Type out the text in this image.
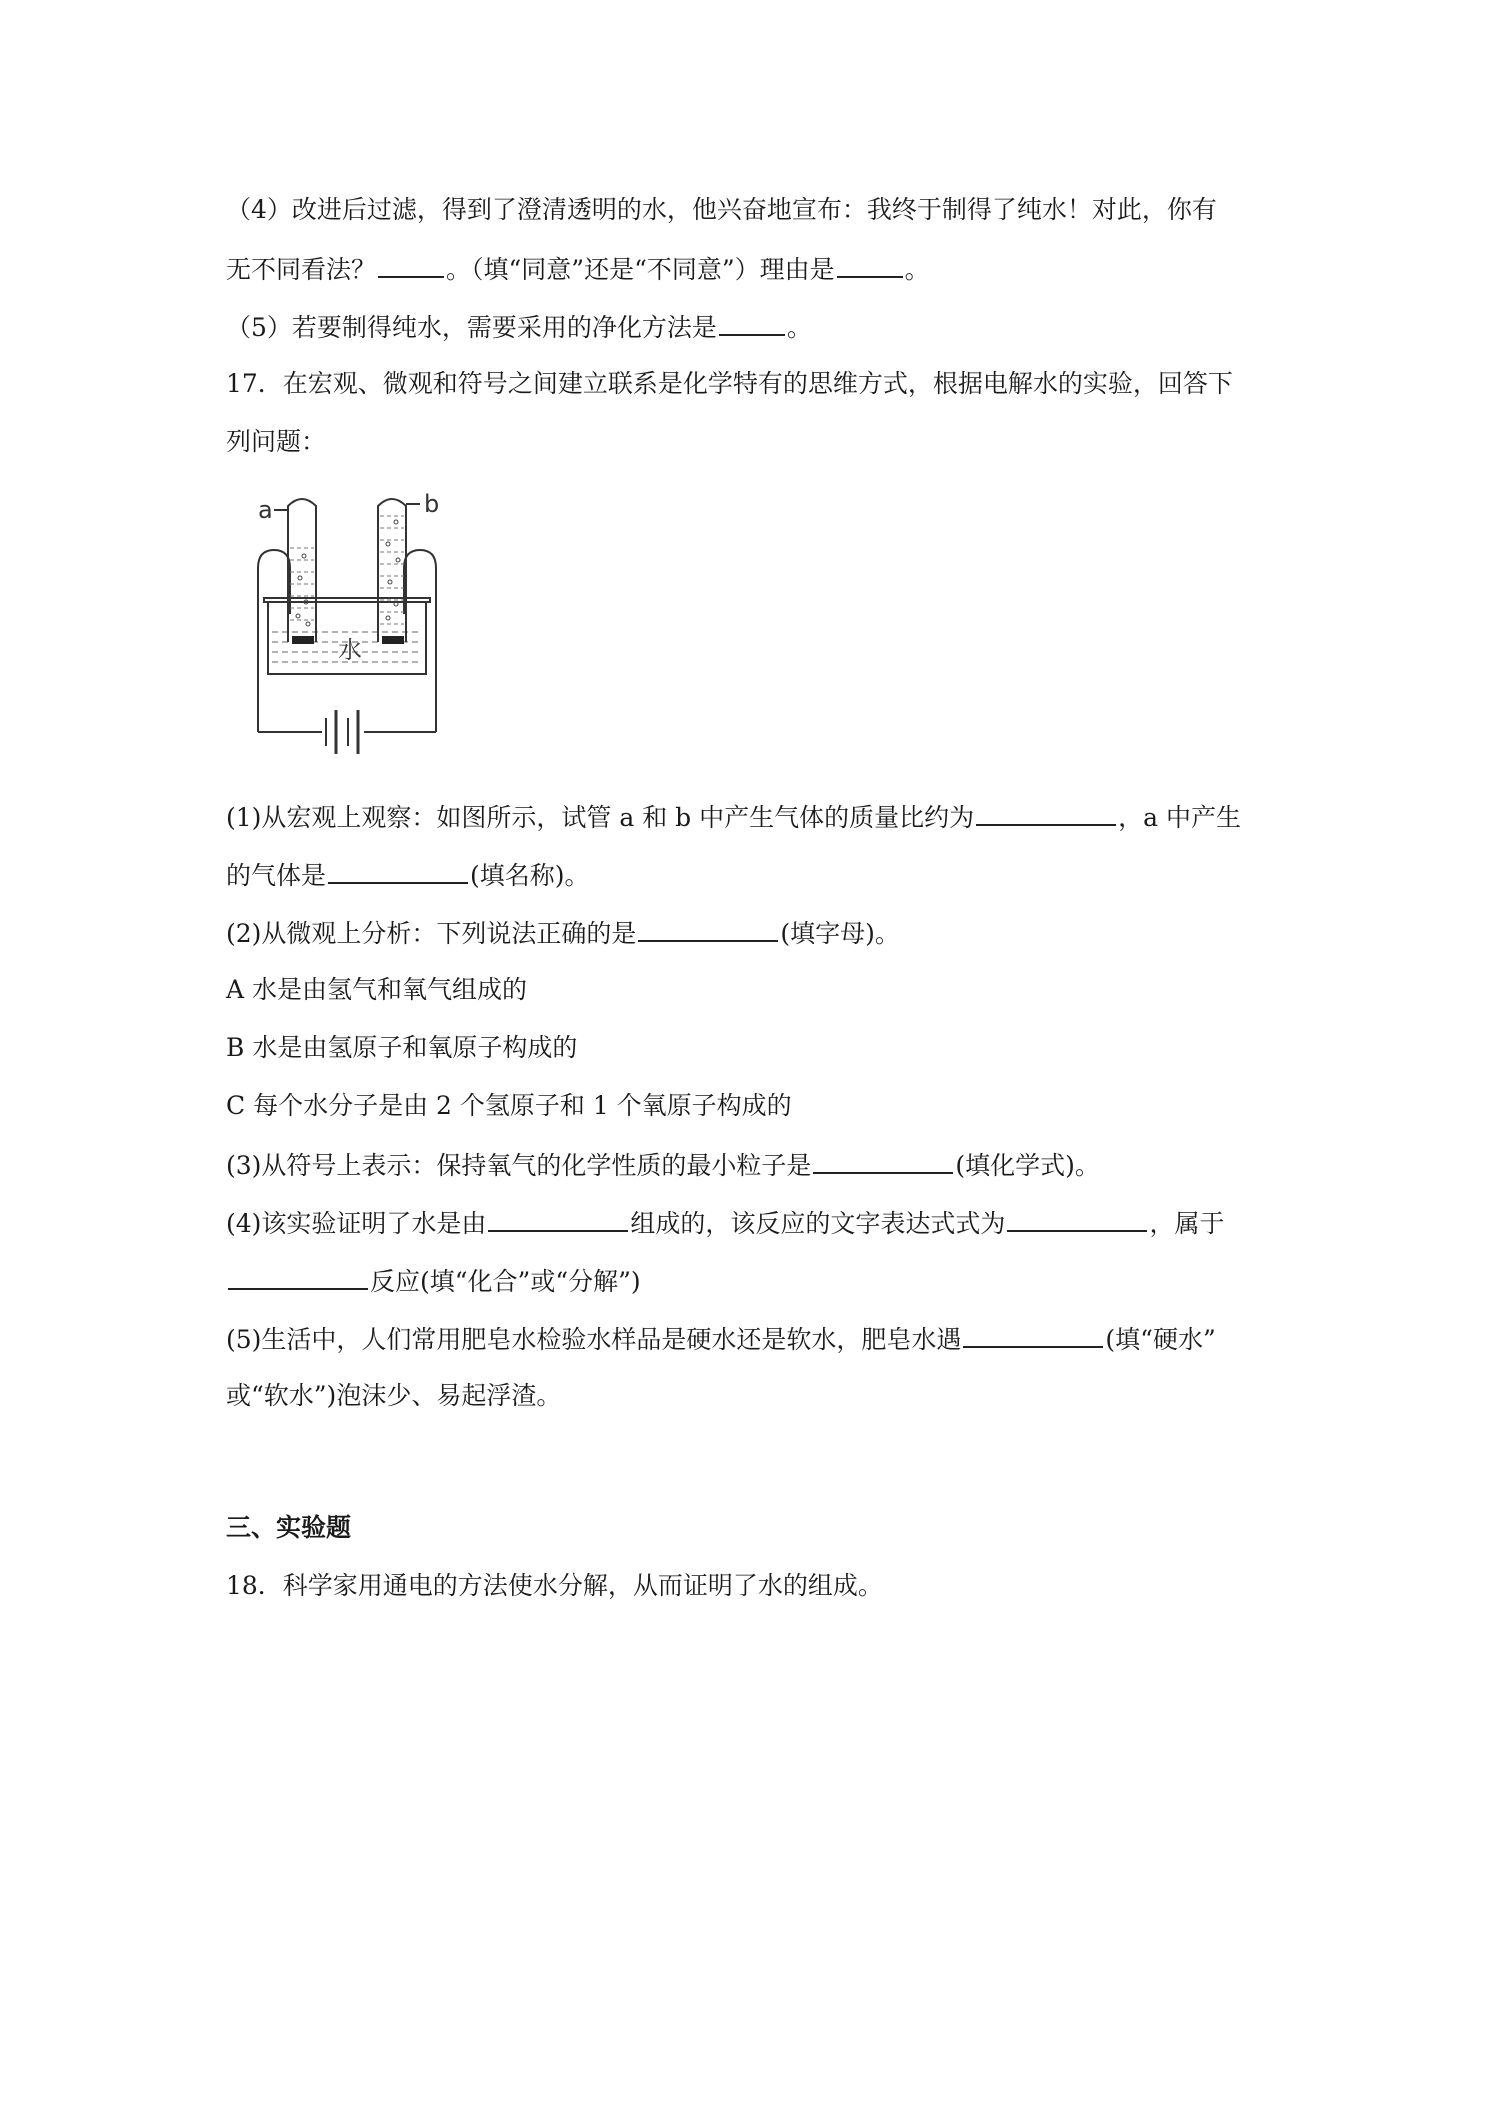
（4）改进后过滤，得到了澄清透明的水，他兴奋地宣布：我终于制得了纯水！对此，你有
无不同看法？	。（填“同意”还是“不同意”）理由是	。
（5）若要制得纯水，需要采用的净化方法是	。
17．在宏观、微观和符号之间建立联系是化学特有的思维方式，根据电解水的实验，回答下
列问题：
a	b
水
(1)从宏观上观察：如图所示，试管 a 和 b 中产生气体的质量比约为	，a 中产生
的气体是	(填名称)。
(2)从微观上分析：下列说法正确的是	(填字母)。
A 水是由氢气和氧气组成的
B 水是由氢原子和氧原子构成的
C 每个水分子是由 2 个氢原子和 1 个氧原子构成的
(3)从符号上表示：保持氧气的化学性质的最小粒子是	(填化学式)。
(4)该实验证明了水是由	组成的，该反应的文字表达式式为	，属于
反应(填“化合”或“分解”)
(5)生活中，人们常用肥皂水检验水样品是硬水还是软水，肥皂水遇	(填“硬水”
或“软水”)泡沫少、易起浮渣。
三、实验题
18．科学家用通电的方法使水分解，从而证明了水的组成。
